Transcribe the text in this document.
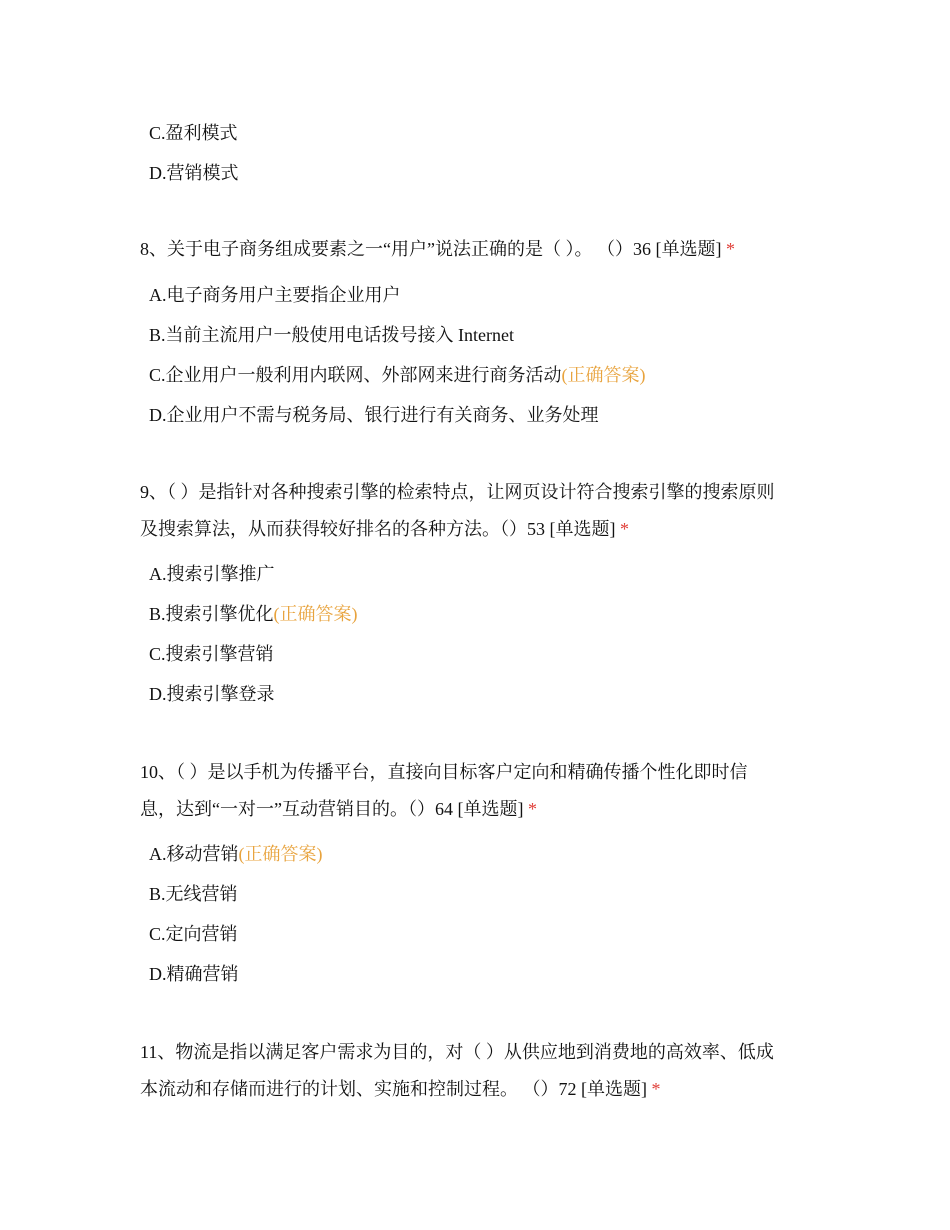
C.盈利模式
D.营销模式
8、关于电子商务组成要素之一“用户”说法正确的是（ ）。 （）36 [单选题] *
A.电子商务用户主要指企业用户
B.当前主流用户一般使用电话拨号接入 Internet
C.企业用户一般利用内联网、外部网来进行商务活动(正确答案)
D.企业用户不需与税务局、银行进行有关商务、业务处理
9、（ ）是指针对各种搜索引擎的检索特点，让网页设计符合搜索引擎的搜索原则
及搜索算法，从而获得较好排名的各种方法。（）53 [单选题] *
A.搜索引擎推广
B.搜索引擎优化(正确答案)
C.搜索引擎营销
D.搜索引擎登录
10、（ ）是以手机为传播平台，直接向目标客户定向和精确传播个性化即时信
息，达到“一对一”互动营销目的。（）64 [单选题] *
A.移动营销(正确答案)
B.无线营销
C.定向营销
D.精确营销
11、物流是指以满足客户需求为目的，对（ ）从供应地到消费地的高效率、低成
本流动和存储而进行的计划、实施和控制过程。 （）72 [单选题] *
